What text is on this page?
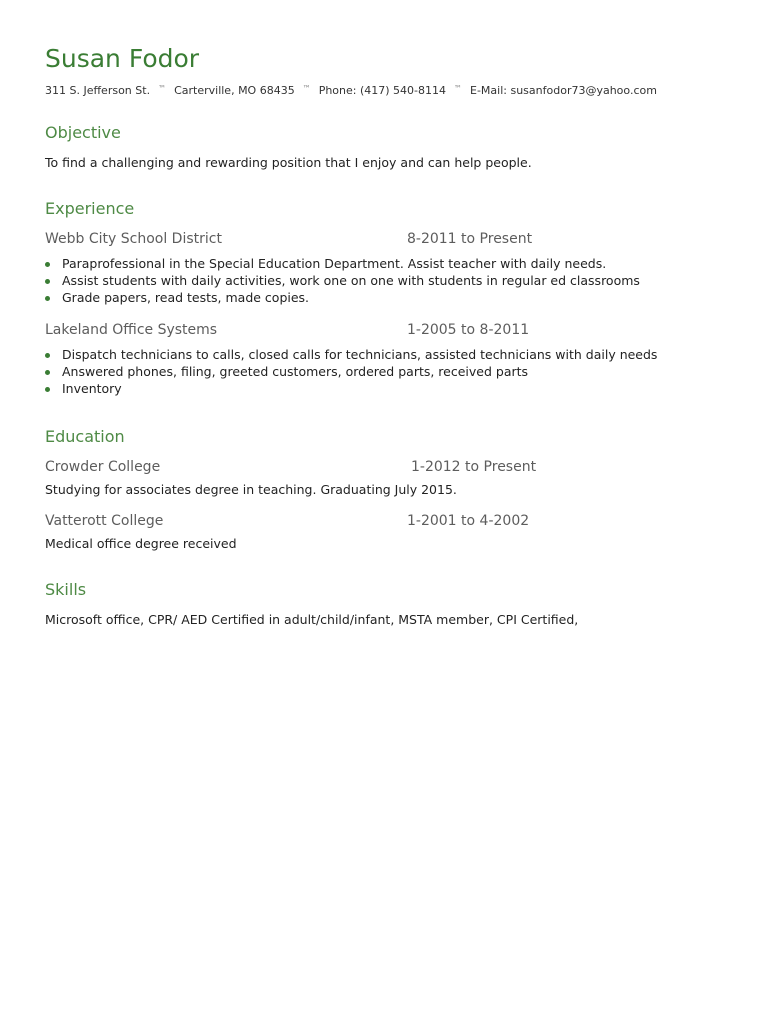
Susan Fodor
311 S. Jefferson St. ™ Carterville, MO 68435 ™ Phone: (417) 540-8114 ™ E-Mail: susanfodor73@yahoo.com
Objective
To find a challenging and rewarding position that I enjoy and can help people.
Experience
Webb City School District	8-2011 to Present
Paraprofessional in the Special Education Department. Assist teacher with daily needs.
Assist students with daily activities, work one on one with students in regular ed classrooms
Grade papers, read tests, made copies.
Lakeland Office Systems	1-2005 to 8-2011
Dispatch technicians to calls, closed calls for technicians, assisted technicians with daily needs
Answered phones, filing, greeted customers, ordered parts, received parts
Inventory
Education
Crowder College	1-2012 to Present
Studying for associates degree in teaching. Graduating July 2015.
Vatterott College	1-2001 to 4-2002
Medical office degree received
Skills
Microsoft office, CPR/ AED Certified in adult/child/infant, MSTA member, CPI Certified,
